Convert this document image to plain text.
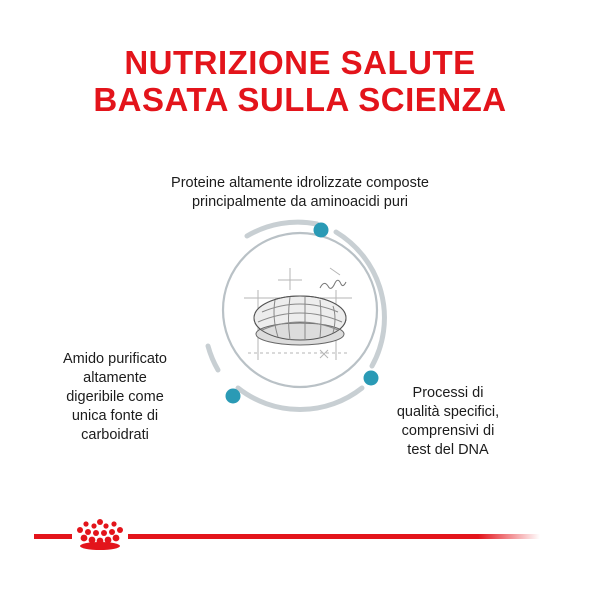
NUTRIZIONE SALUTE
BASATA SULLA SCIENZA
Proteine altamente idrolizzate composte
principalmente da aminoacidi puri
Amido purificato
altamente
digeribile come
unica fonte di
carboidrati
Processi di
qualità specifici,
comprensivi di
test del DNA
